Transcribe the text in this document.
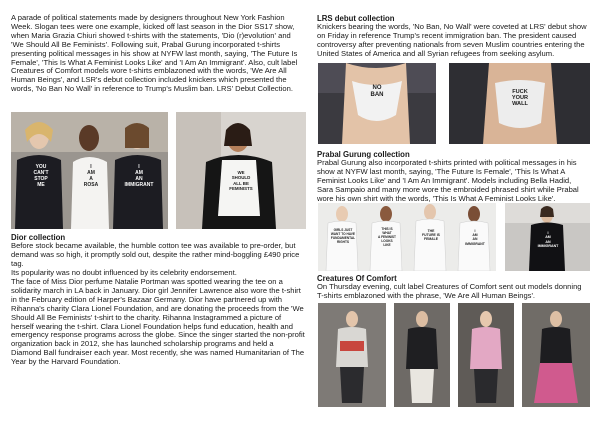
A parade of political statements made by designers throughout New York Fashion Week. Slogan tees were one example, kicked off last season in the Dior SS17 show, when Maria Grazia Chiuri showed t-shirts with the statements, 'Dio (r)evolution' and 'We Should All Be Feminists'. Following suit, Prabal Gurung incorporated t-shirts presenting political messages in his show at NYFW last month, saying, 'The Future Is Female', 'This Is What A Feminist Looks Like' and 'I Am An Immigrant'. Also, cult label Creatures of Comfort models wore t-shirts emblazoned with the words, 'We Are All Human Beings', and LSR's debut collection included knickers which presented the words, 'No Ban No Wall' in reference to Trump's Muslim ban. LRS' Debut Collection.

YOU
CAN'T
STOP
ME
I
AM
A
ROSA
I
AM
AN
IMMIGRANT
WE
SHOULD
ALL BE
FEMINISTS
Dior collection

Before stock became available, the humble cotton tee was available to pre-order, but demand was so high, it promptly sold out, despite the rather mind-boggling £490 price tag.

Its popularity was no doubt influenced by its celebrity endorsement.

The face of Miss Dior perfume Natalie Portman was spotted wearing the tee on a solidarity march in LA back in January. Dior girl Jennifer Lawrence also wore the t-shirt in the February edition of Harper's Bazaar Germany. Dior have partnered up with Rihanna's charity Clara Lionel Foundation, and are donating the proceeds from the 'We Should All Be Feminists' t-shirt to the charity. Rihanna Instagrammed a picture of herself wearing the t-shirt. Clara Lionel Foundation helps fund education, health and emergency response programs across the globe. Since the singer started the non-profit organization back in 2012, she has launched scholarship programs and held a Diamond Ball fundraiser each year. Most recently, she was named Humanitarian of The Year by the Harvard Foundation.

LRS debut collection

Knickers bearing the words, 'No Ban, No Wall' were coveted at LRS' debut show on Friday in reference Trump's recent immigration ban. The president caused controversy after preventing nationals from seven Muslim countries entering the United States of America and all Syrian refugees from seeking asylum.

NO
BAN	FUCK
YOUR
WALL
Prabal Gurung collection

Prabal Gurung also incorporated t-shirts printed with political messages in his show at NYFW last month, saying, 'The Future Is Female', 'This Is What A Feminist Looks Like' and 'I Am An Immigrant'. Models including Bella Hadid, Sara Sampaio and many more wore the embroided phrased shirt while Prabal wore his own shirt with the words, 'This Is What A Feminist Looks Like'.

GIRLS JUST
WANT TO HAVE
FUNDAMENTAL
RIGHTS
THIS IS
WHAT
A FEMINIST
LOOKS
LIKE
THE
FUTURE IS
FEMALE
I
AM
AN
IMMIGRANT
I
AM
AN
IMMIGRANT
Creatures Of Comfort

On Thursday evening, cult label Creatures of Comfort sent out models donning T-shirts emblazoned with the phrase, 'We Are All Human Beings'.
